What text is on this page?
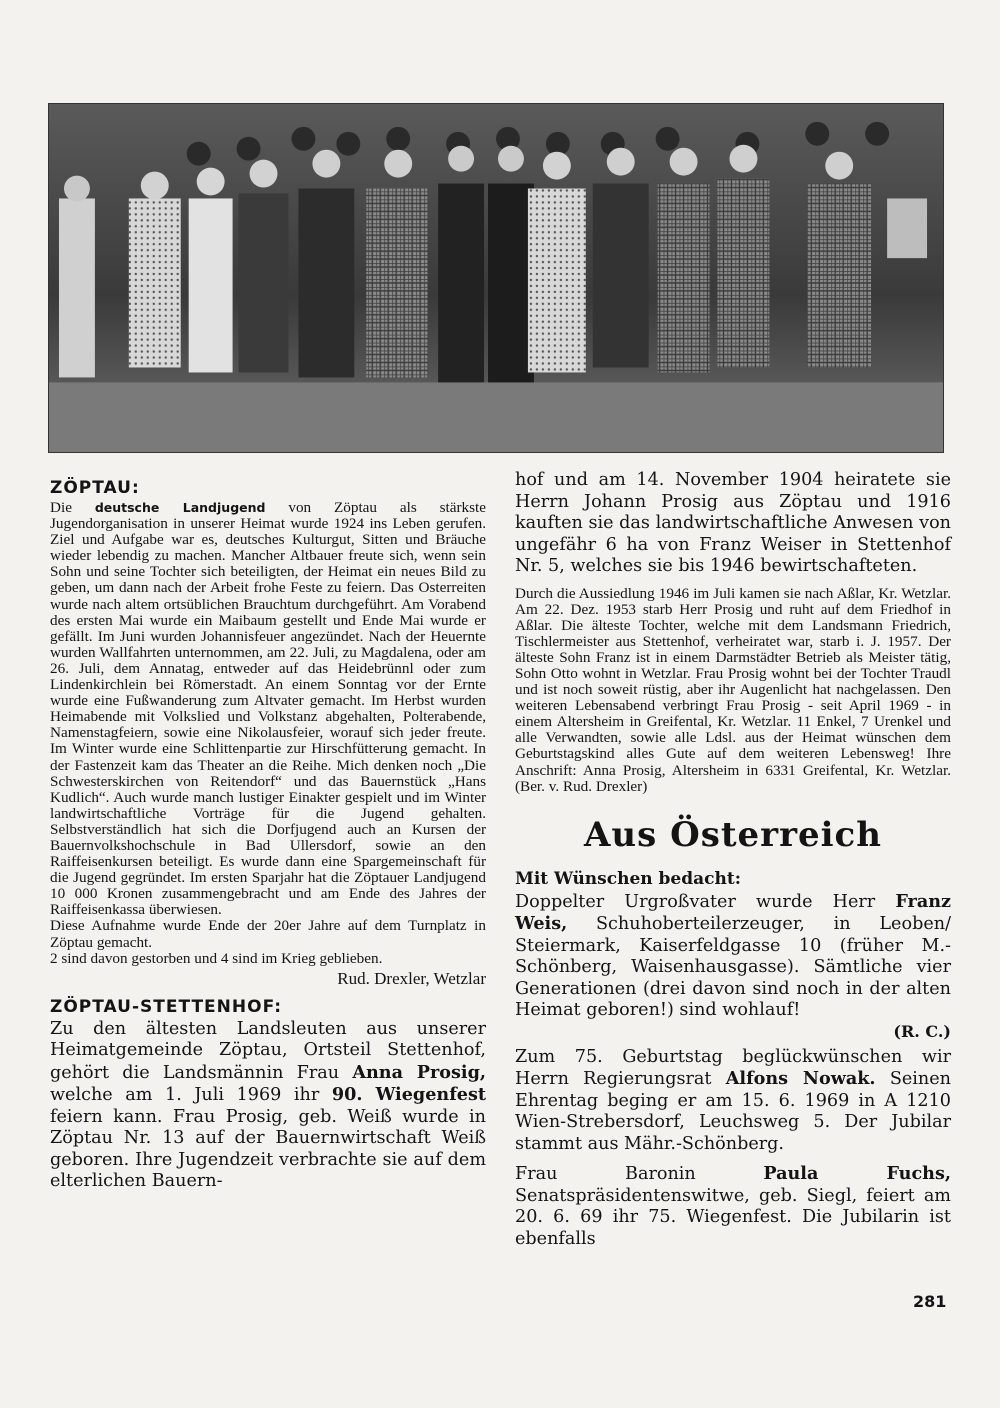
ZÖPTAU:

Die deutsche Landjugend von Zöptau als stärkste Jugendorganisation in unserer Heimat wurde 1924 ins Leben gerufen. Ziel und Aufgabe war es, deutsches Kulturgut, Sitten und Bräuche wieder lebendig zu machen. Mancher Altbauer freute sich, wenn sein Sohn und seine Tochter sich beteiligten, der Heimat ein neues Bild zu geben, um dann nach der Arbeit frohe Feste zu feiern. Das Osterreiten wurde nach altem ortsüblichen Brauchtum durchgeführt. Am Vorabend des ersten Mai wurde ein Maibaum gestellt und Ende Mai wurde er gefällt. Im Juni wurden Johannisfeuer angezündet. Nach der Heuernte wurden Wallfahrten unternommen, am 22. Juli, zu Magdalena, oder am 26. Juli, dem Annatag, entweder auf das Heidebrünnl oder zum Lindenkirchlein bei Römerstadt. An einem Sonntag vor der Ernte wurde eine Fußwanderung zum Altvater gemacht. Im Herbst wurden Heimabende mit Volkslied und Volkstanz abgehalten, Polterabende, Namenstagfeiern, sowie eine Nikolausfeier, worauf sich jeder freute. Im Winter wurde eine Schlittenpartie zur Hirschfütterung gemacht. In der Fastenzeit kam das Theater an die Reihe. Mich denken noch „Die Schwesterskirchen von Reitendorf“ und das Bauernstück „Hans Kudlich“. Auch wurde manch lustiger Einakter gespielt und im Winter landwirtschaftliche Vorträge für die Jugend gehalten. Selbstverständlich hat sich die Dorfjugend auch an Kursen der Bauernvolkshochschule in Bad Ullersdorf, sowie an den Raiffeisenkursen beteiligt. Es wurde dann eine Spargemeinschaft für die Jugend gegründet. Im ersten Sparjahr hat die Zöptauer Landjugend 10 000 Kronen zusammengebracht und am Ende des Jahres der Raiffeisenkassa überwiesen.

Diese Aufnahme wurde Ende der 20er Jahre auf dem Turnplatz in Zöptau gemacht.

2 sind davon gestorben und 4 sind im Krieg geblieben.

Rud. Drexler, Wetzlar
ZÖPTAU-STETTENHOF:

Zu den ältesten Landsleuten aus unserer Heimatgemeinde Zöptau, Ortsteil Stettenhof, gehört die Landsmännin Frau Anna Prosig, welche am 1. Juli 1969 ihr 90. Wiegenfest feiern kann. Frau Prosig, geb. Weiß wurde in Zöptau Nr. 13 auf der Bauernwirtschaft Weiß geboren. Ihre Jugendzeit verbrachte sie auf dem elterlichen Bauern-

hof und am 14. November 1904 heiratete sie Herrn Johann Prosig aus Zöptau und 1916 kauften sie das landwirtschaftliche Anwesen von ungefähr 6 ha von Franz Weiser in Stettenhof Nr. 5, welches sie bis 1946 bewirtschafteten.

Durch die Aussiedlung 1946 im Juli kamen sie nach Aßlar, Kr. Wetzlar. Am 22. Dez. 1953 starb Herr Prosig und ruht auf dem Friedhof in Aßlar. Die älteste Tochter, welche mit dem Landsmann Friedrich, Tischlermeister aus Stettenhof, verheiratet war, starb i. J. 1957. Der älteste Sohn Franz ist in einem Darmstädter Betrieb als Meister tätig, Sohn Otto wohnt in Wetzlar. Frau Prosig wohnt bei der Tochter Traudl und ist noch soweit rüstig, aber ihr Augenlicht hat nachgelassen. Den weiteren Lebensabend verbringt Frau Prosig - seit April 1969 - in einem Altersheim in Greifental, Kr. Wetzlar. 11 Enkel, 7 Urenkel und alle Verwandten, sowie alle Ldsl. aus der Heimat wünschen dem Geburtstagskind alles Gute auf dem weiteren Lebensweg! Ihre Anschrift: Anna Prosig, Altersheim in 6331 Greifental, Kr. Wetzlar. (Ber. v. Rud. Drexler)

Aus Österreich
Mit Wünschen bedacht:

Doppelter Urgroßvater wurde Herr Franz Weis, Schuhoberteilerzeuger, in Leoben/ Steiermark, Kaiserfeldgasse 10 (früher M.-Schönberg, Waisenhausgasse). Sämtliche vier Generationen (drei davon sind noch in der alten Heimat geboren!) sind wohlauf!

(R. C.)

Zum 75. Geburtstag beglückwünschen wir Herrn Regierungsrat Alfons Nowak. Seinen Ehrentag beging er am 15. 6. 1969 in A 1210 Wien-Strebersdorf, Leuchsweg 5. Der Jubilar stammt aus Mähr.-Schönberg.

Frau Baronin	Paula Fuchs, Senatspräsidentenswitwe, geb. Siegl, feiert am 20. 6. 69 ihr 75. Wiegenfest. Die Jubilarin ist ebenfalls

281
